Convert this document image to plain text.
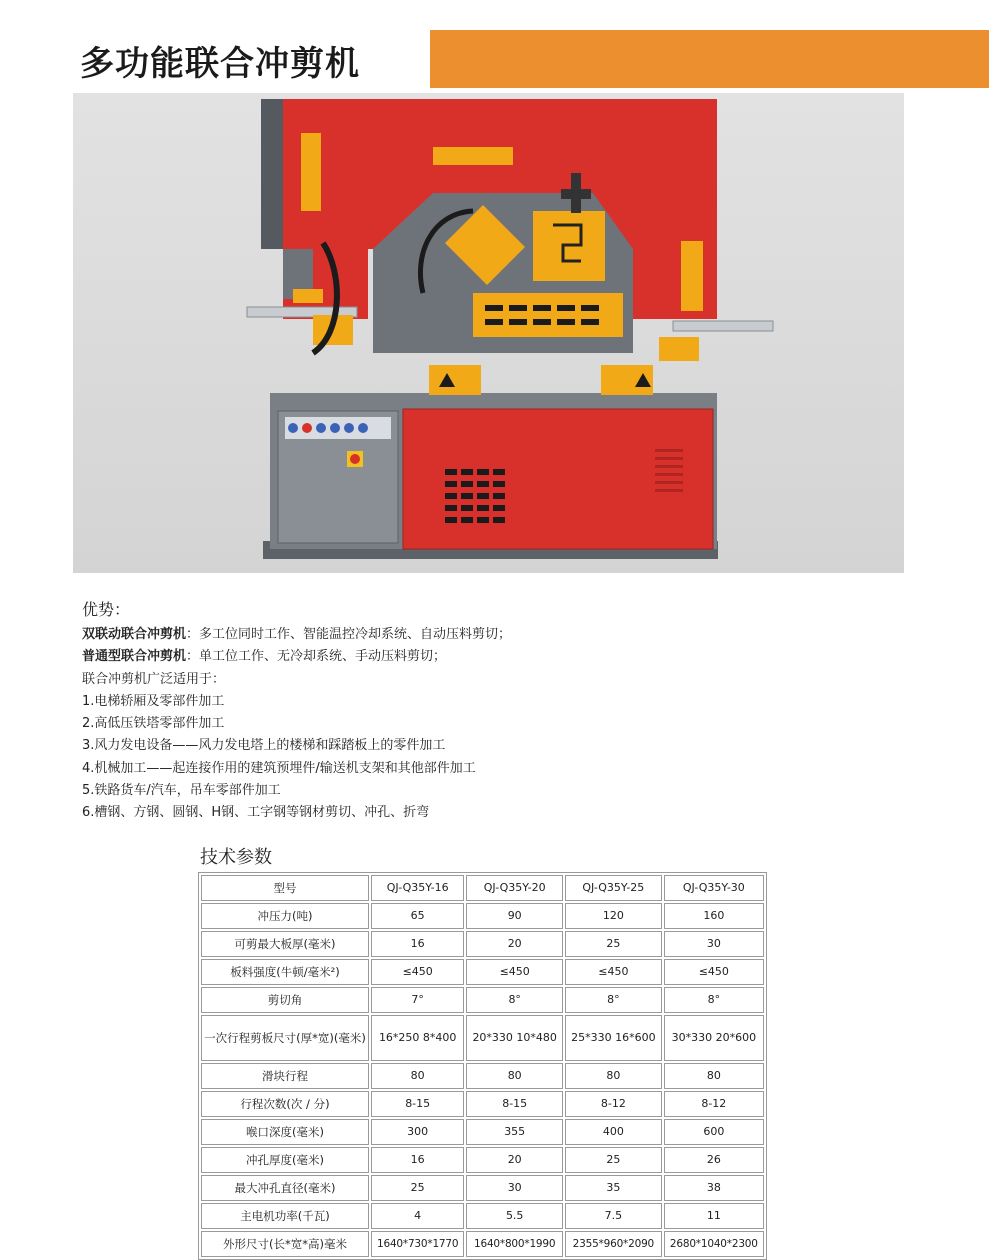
多功能联合冲剪机
优势：
双联动联合冲剪机：多工位同时工作、智能温控冷却系统、自动压料剪切；
普通型联合冲剪机：单工位工作、无冷却系统、手动压料剪切；
联合冲剪机广泛适用于：
1.电梯轿厢及零部件加工
2.高低压铁塔零部件加工
3.风力发电设备——风力发电塔上的楼梯和踩踏板上的零件加工
4.机械加工——起连接作用的建筑预埋件/输送机支架和其他部件加工
5.铁路货车/汽车，吊车零部件加工
6.槽钢、方钢、圆钢、H钢、工字钢等钢材剪切、冲孔、折弯
技术参数
型号	QJ-Q35Y-16	QJ-Q35Y-20	QJ-Q35Y-25	QJ-Q35Y-30
冲压力(吨)	65	90	120	160
可剪最大板厚(毫米)	16	20	25	30
板料强度(牛顿/毫米²)	≤450	≤450	≤450	≤450
剪切角	7°	8°	8°	8°
一次行程剪板尺寸(厚*宽)(毫米)	16*250 8*400	20*330 10*480	25*330 16*600	30*330 20*600
滑块行程	80	80	80	80
行程次数(次 / 分)	8-15	8-15	8-12	8-12
喉口深度(毫米)	300	355	400	600
冲孔厚度(毫米)	16	20	25	26
最大冲孔直径(毫米)	25	30	35	38
主电机功率(千瓦)	4	5.5	7.5	11
外形尺寸(长*宽*高)毫米	1640*730*1770	1640*800*1990	2355*960*2090	2680*1040*2300
